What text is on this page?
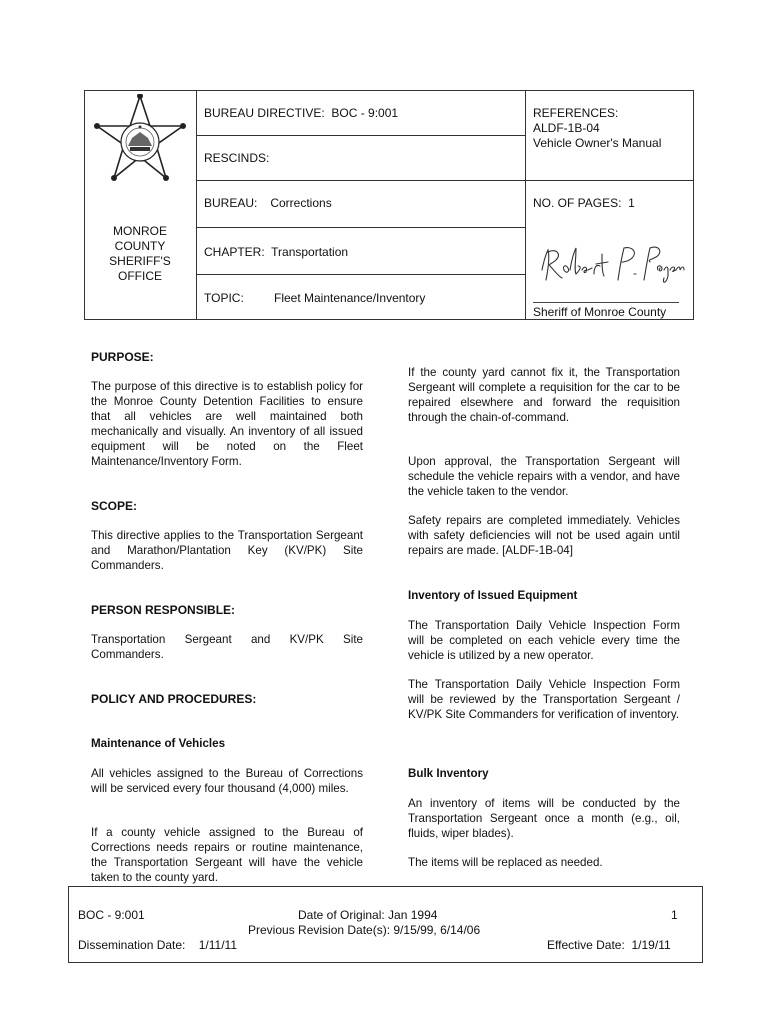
MONROE
COUNTY
SHERIFF'S
OFFICE
BUREAU DIRECTIVE: BOC - 9:001
RESCINDS:
BUREAU: Corrections
CHAPTER: Transportation
TOPIC:	Fleet Maintenance/Inventory
REFERENCES:
ALDF-1B-04
Vehicle Owner's Manual
NO. OF PAGES: 1
Sheriff of Monroe County
PURPOSE:

The purpose of this directive is to establish policy for the Monroe County Detention Facilities to ensure that all vehicles are well maintained both mechanically and visually. An inventory of all issued equipment will be noted on the Fleet Maintenance/Inventory Form.

SCOPE:

This directive applies to the Transportation Sergeant and Marathon/Plantation Key (KV/PK) Site Commanders.

PERSON RESPONSIBLE:

Transportation Sergeant and KV/PK Site Commanders.

POLICY AND PROCEDURES:
Maintenance of Vehicles

All vehicles assigned to the Bureau of Corrections will be serviced every four thousand (4,000) miles.

If a county vehicle assigned to the Bureau of Corrections needs repairs or routine maintenance, the Transportation Sergeant will have the vehicle taken to the county yard.

If the county yard cannot fix it, the Transportation Sergeant will complete a requisition for the car to be repaired elsewhere and forward the requisition through the chain-of-command.

Upon approval, the Transportation Sergeant will schedule the vehicle repairs with a vendor, and have the vehicle taken to the vendor.

Safety repairs are completed immediately. Vehicles with safety deficiencies will not be used again until repairs are made. [ALDF-1B-04]

Inventory of Issued Equipment

The Transportation Daily Vehicle Inspection Form will be completed on each vehicle every time the vehicle is utilized by a new operator.

The Transportation Daily Vehicle Inspection Form will be reviewed by the Transportation Sergeant / KV/PK Site Commanders for verification of inventory.

Bulk Inventory

An inventory of items will be conducted by the Transportation Sergeant once a month (e.g., oil, fluids, wiper blades).

The items will be replaced as needed.

BOC - 9:001	Date of Original: Jan 1994	1
Previous Revision Date(s): 9/15/99, 6/14/06
Dissemination Date: 1/11/11	Effective Date: 1/19/11
